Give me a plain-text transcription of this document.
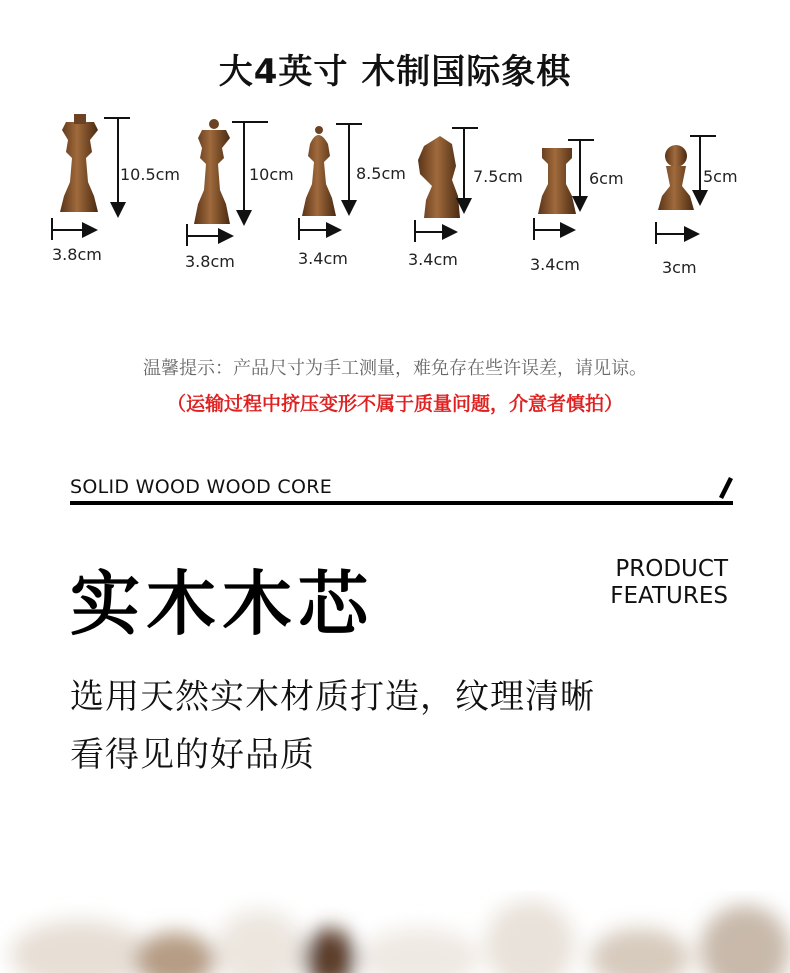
大4英寸 木制国际象棋
10.5cm
3.8cm
10cm
3.8cm
8.5cm
3.4cm
7.5cm
3.4cm
6cm
3.4cm
5cm
3cm
温馨提示：产品尺寸为手工测量，难免存在些许误差，请见谅。
（运输过程中挤压变形不属于质量问题，介意者慎拍）
SOLID WOOD WOOD CORE
实木木芯	PRODUCT
FEATURES
选用天然实木材质打造，纹理清晰
看得见的好品质
